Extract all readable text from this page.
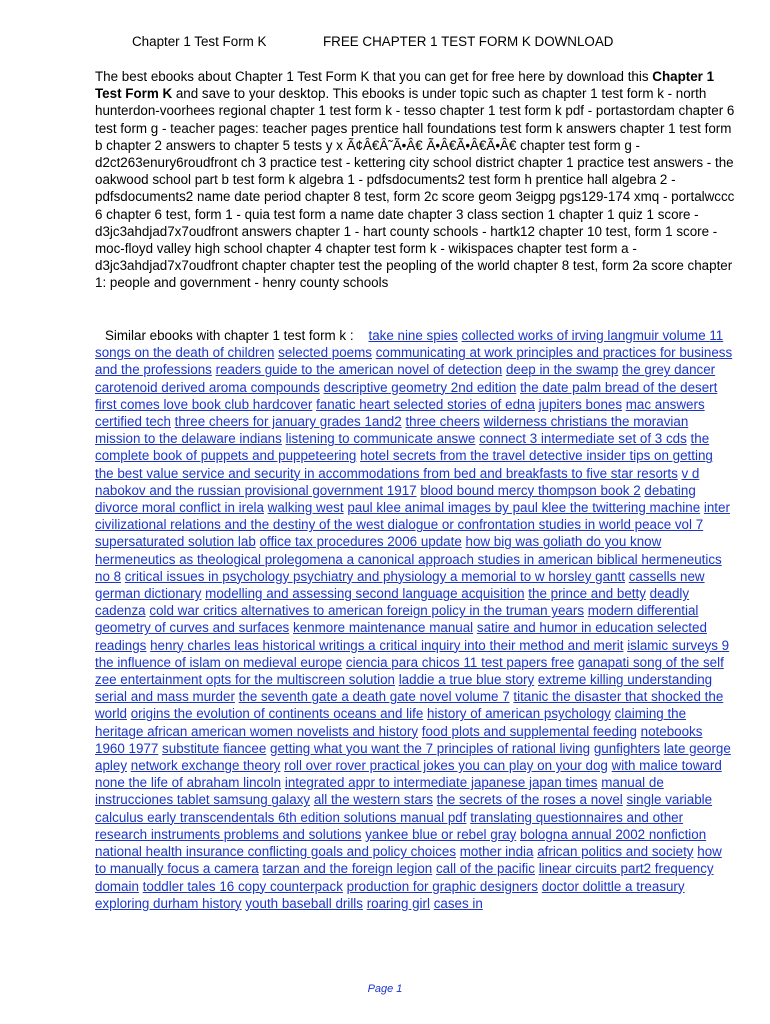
Chapter 1 Test Form K	FREE CHAPTER 1 TEST FORM K DOWNLOAD
The best ebooks about Chapter 1 Test Form K that you can get for free here by download this Chapter 1 Test Form K and save to your desktop. This ebooks is under topic such as chapter 1 test form k - north hunterdon-voorhees regional chapter 1 test form k - tesso chapter 1 test form k pdf - portastordam chapter 6 test form g - teacher pages: teacher pages prentice hall foundations test form k answers chapter 1 test form b chapter 2 answers to chapter 5 tests y x Ã¢Â€Â˜Ã•Â€ Ã•Â€Ã•Â€Ã•Â€ chapter test form g - d2ct263enury6roudfront ch 3 practice test - kettering city school district chapter 1 practice test answers - the oakwood school part b test form k algebra 1 - pdfsdocuments2 test form h prentice hall algebra 2 - pdfsdocuments2 name date period chapter 8 test, form 2c score geom 3eigpg pgs129-174 xmq - portalwccc 6 chapter 6 test, form 1 - quia test form a name date chapter 3 class section 1 chapter 1 quiz 1 score - d3jc3ahdjad7x7oudfront answers chapter 1 - hart county schools - hartk12 chapter 10 test, form 1 score - moc-floyd valley high school chapter 4 chapter test form k - wikispaces chapter test form a - d3jc3ahdjad7x7oudfront chapter chapter test the peopling of the world chapter 8 test, form 2a score chapter 1: people and government - henry county schools
Similar ebooks with chapter 1 test form k : take nine spies collected works of irving langmuir volume 11 songs on the death of children selected poems communicating at work principles and practices for business and the professions readers guide to the american novel of detection deep in the swamp the grey dancer carotenoid derived aroma compounds descriptive geometry 2nd edition the date palm bread of the desert first comes love book club hardcover fanatic heart selected stories of edna jupiters bones mac answers certified tech three cheers for january grades 1and2 three cheers wilderness christians the moravian mission to the delaware indians listening to communicate answe connect 3 intermediate set of 3 cds the complete book of puppets and puppeteering hotel secrets from the travel detective insider tips on getting the best value service and security in accommodations from bed and breakfasts to five star resorts v d nabokov and the russian provisional government 1917 blood bound mercy thompson book 2 debating divorce moral conflict in irela walking west paul klee animal images by paul klee the twittering machine inter civilizational relations and the destiny of the west dialogue or confrontation studies in world peace vol 7 supersaturated solution lab office tax procedures 2006 update how big was goliath do you know hermeneutics as theological prolegomena a canonical approach studies in american biblical hermeneutics no 8 critical issues in psychology psychiatry and physiology a memorial to w horsley gantt cassells new german dictionary modelling and assessing second language acquisition the prince and betty deadly cadenza cold war critics alternatives to american foreign policy in the truman years modern differential geometry of curves and surfaces kenmore maintenance manual satire and humor in education selected readings henry charles leas historical writings a critical inquiry into their method and merit islamic surveys 9 the influence of islam on medieval europe ciencia para chicos 11 test papers free ganapati song of the self zee entertainment opts for the multiscreen solution laddie a true blue story extreme killing understanding serial and mass murder the seventh gate a death gate novel volume 7 titanic the disaster that shocked the world origins the evolution of continents oceans and life history of american psychology claiming the heritage african american women novelists and history food plots and supplemental feeding notebooks 1960 1977 substitute fiancee getting what you want the 7 principles of rational living gunfighters late george apley network exchange theory roll over rover practical jokes you can play on your dog with malice toward none the life of abraham lincoln integrated appr to intermediate japanese japan times manual de instrucciones tablet samsung galaxy all the western stars the secrets of the roses a novel single variable calculus early transcendentals 6th edition solutions manual pdf translating questionnaires and other research instruments problems and solutions yankee blue or rebel gray bologna annual 2002 nonfiction national health insurance conflicting goals and policy choices mother india african politics and society how to manually focus a camera tarzan and the foreign legion call of the pacific linear circuits part2 frequency domain toddler tales 16 copy counterpack production for graphic designers doctor dolittle a treasury exploring durham history youth baseball drills roaring girl cases in
Page 1
